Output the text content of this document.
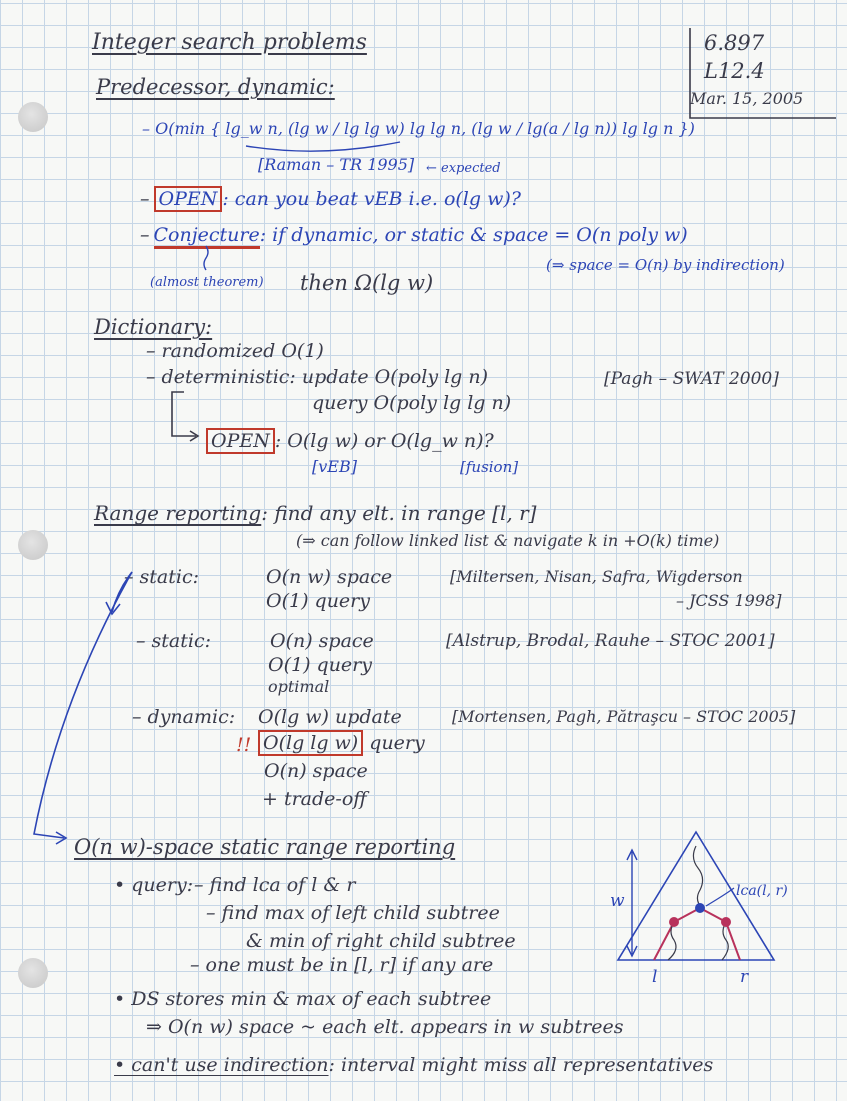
Integer search problems	6.897
L12.4
Mar. 15, 2005
Predecessor, dynamic:
– O(min { lg_w n, (lg w / lg lg w) lg lg n, (lg w / lg(a / lg n)) lg lg n })
[Raman – TR 1995] ← expected
– OPEN : can you beat vEB i.e. o(lg w)?
– Conjecture: if dynamic, or static & space = O(n poly w)
(⇒ space = O(n) by indirection)
(almost theorem) then Ω(lg w)
Dictionary:
– randomized O(1)
– deterministic: update O(poly lg n)
query O(poly lg lg n)
[Pagh – SWAT 2000]
OPEN : O(lg w) or O(lg_w n)?
[vEB]	[fusion]
Range reporting: find any elt. in range [l, r]
(⇒ can follow linked list & navigate k in +O(k) time)
– static:	O(n w) space
O(1) query
[Miltersen, Nisan, Safra, Wigderson
– JCSS 1998]
– static:	O(n) space
O(1) query
optimal
[Alstrup, Brodal, Rauhe – STOC 2001]
– dynamic: O(lg w) update	[Mortensen, Pagh, Pătraşcu – STOC 2005]
!! O(lg lg w) query
O(n) space
+ trade-off
O(n w)-space static range reporting
• query: – find lca of l & r
– find max of left child subtree
& min of right child subtree
– one must be in [l, r] if any are
• DS stores min & max of each subtree
⇒ O(n w) space ~ each elt. appears in w subtrees
• can't use indirection: interval might miss all representatives
w	lca(l, r)
l	r
